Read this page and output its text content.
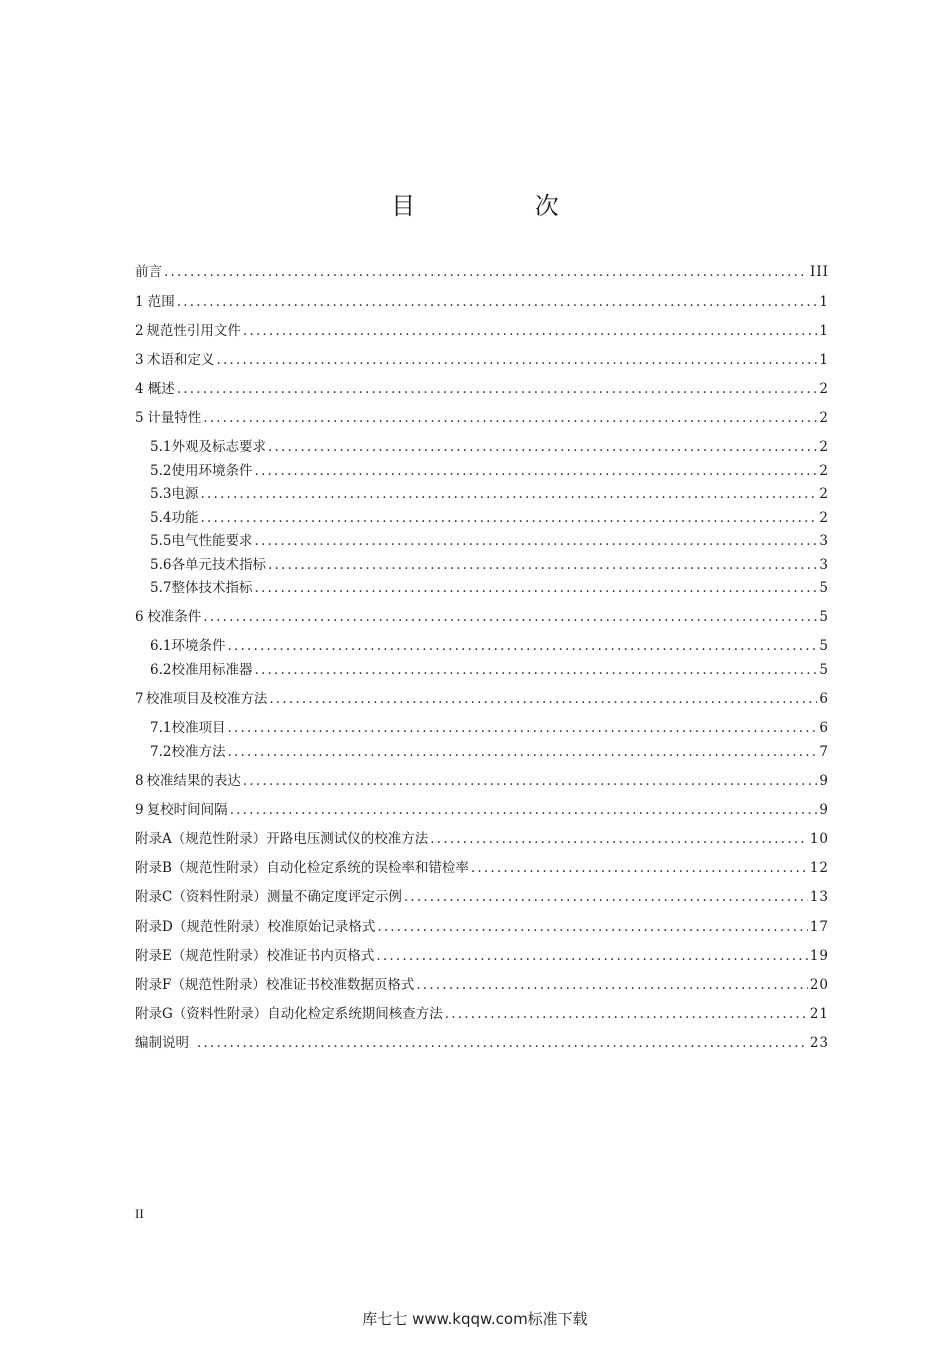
目 次
前言 .....	III
1 范围 .....	1
2 规范性引用文件 .....	1
3 术语和定义 .....	1
4 概述 .....	2
5 计量特性 .....	2
5.1 外观及标志要求 .....	2
5.2 使用环境条件 .....	2
5.3 电源 .....	2
5.4 功能 .....	2
5.5 电气性能要求 .....	3
5.6 各单元技术指标 .....	3
5.7 整体技术指标 .....	5
6 校准条件 .....	5
6.1 环境条件 .....	5
6.2 校准用标准器 .....	5
7 校准项目及校准方法 .....	6
7.1 校准项目 .....	6
7.2 校准方法 .....	7
8 校准结果的表达 .....	9
9 复校时间间隔 .....	9
附录A（规范性附录） 开路电压测试仪的校准方法 .....	10
附录B（规范性附录） 自动化检定系统的误检率和错检率 .....	12
附录C（资料性附录） 测量不确定度评定示例 .....	13
附录D（规范性附录） 校准原始记录格式 .....	17
附录E（规范性附录） 校准证书内页格式 .....	19
附录F（规范性附录） 校准证书校准数据页格式 .....	20
附录G（资料性附录） 自动化检定系统期间核查方法 .....	21
编制说明 .....	23
II
库七七 www.kqqw.com标准下载
